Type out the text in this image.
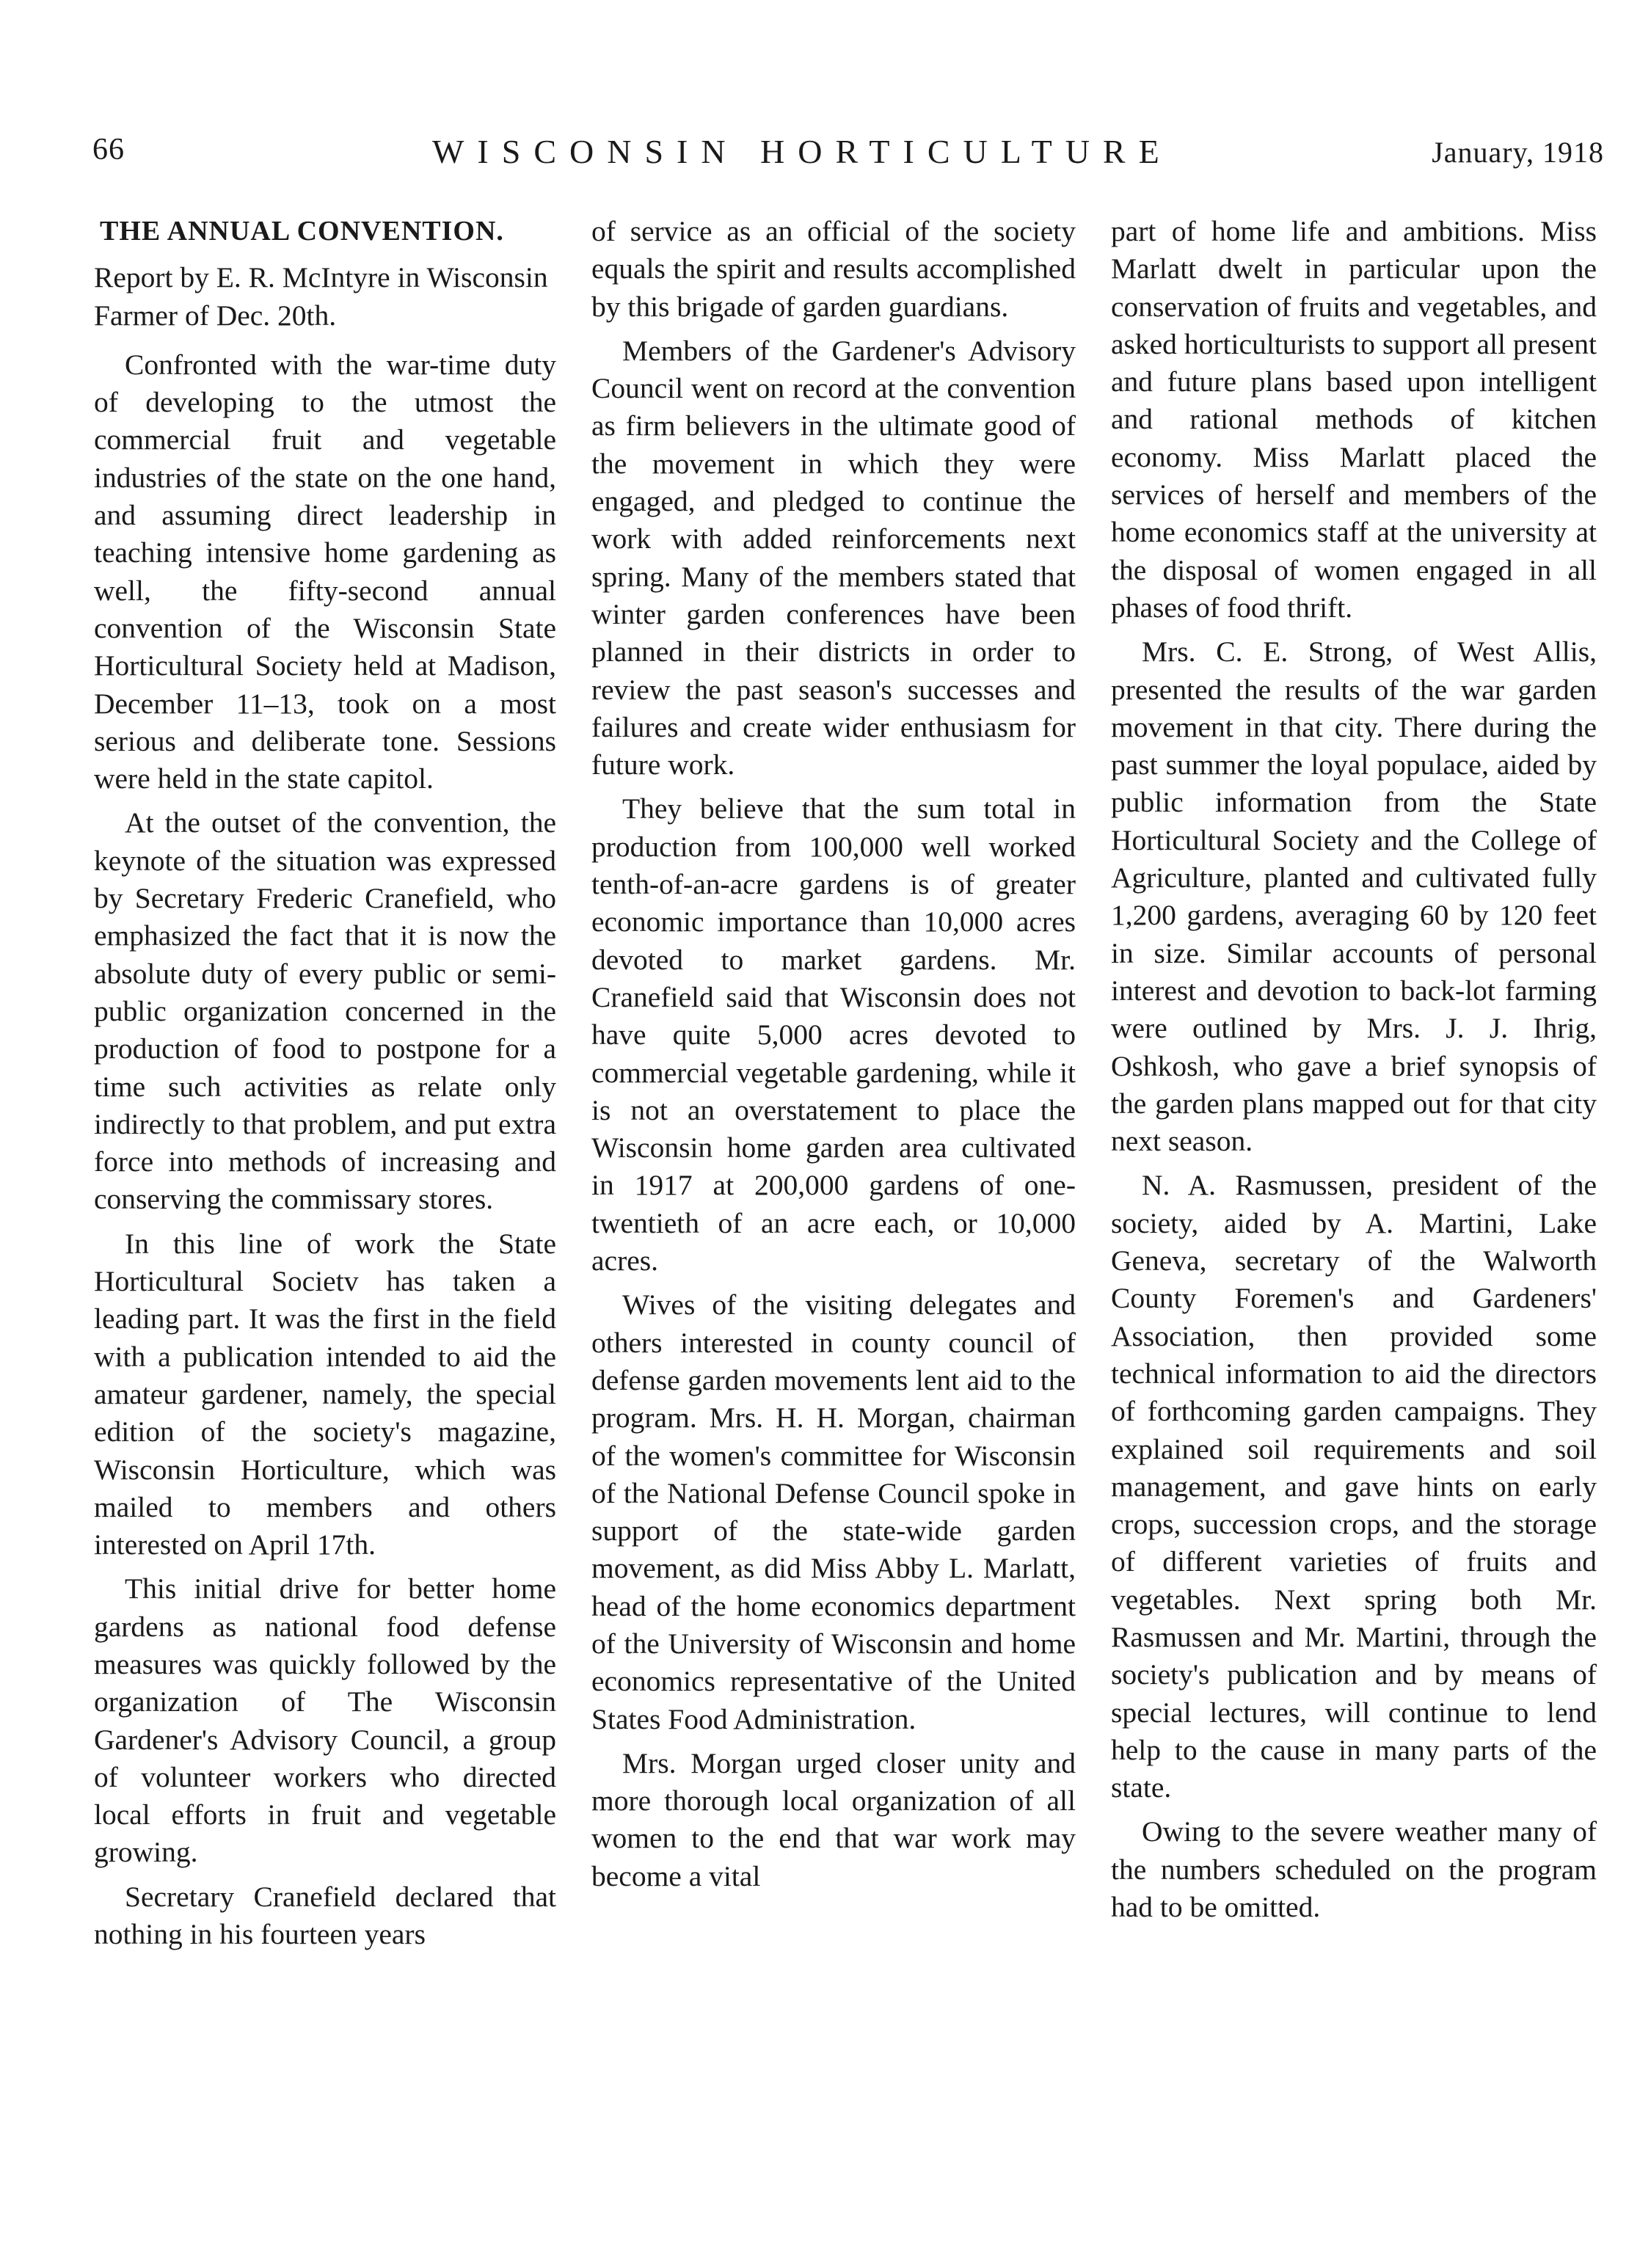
66	WISCONSIN HORTICULTURE	January, 1918
THE ANNUAL CONVENTION.

Report by E. R. McIntyre in Wisconsin Farmer of Dec. 20th.

Confronted with the war-time duty of developing to the utmost the commercial fruit and vegetable industries of the state on the one hand, and assuming direct leadership in teaching intensive home gardening as well, the fifty-second annual convention of the Wisconsin State Horticultural Society held at Madison, December 11–13, took on a most serious and deliberate tone. Sessions were held in the state capitol.

At the outset of the convention, the keynote of the situation was expressed by Secretary Frederic Cranefield, who emphasized the fact that it is now the absolute duty of every public or semi-public organization concerned in the production of food to postpone for a time such activities as relate only indirectly to that problem, and put extra force into methods of increasing and conserving the commissary stores.

In this line of work the State Horticultural Societv has taken a leading part. It was the first in the field with a publication intended to aid the amateur gardener, namely, the special edition of the society's magazine, Wisconsin Horticulture, which was mailed to members and others interested on April 17th.

This initial drive for better home gardens as national food defense measures was quickly followed by the organization of The Wisconsin Gardener's Advisory Council, a group of volunteer workers who directed local efforts in fruit and vegetable growing.

Secretary Cranefield declared that nothing in his fourteen years

of service as an official of the society equals the spirit and results accomplished by this brigade of garden guardians.

Members of the Gardener's Advisory Council went on record at the convention as firm believers in the ultimate good of the movement in which they were engaged, and pledged to continue the work with added reinforcements next spring. Many of the members stated that winter garden conferences have been planned in their districts in order to review the past season's successes and failures and create wider enthusiasm for future work.

They believe that the sum total in production from 100,000 well worked tenth-of-an-acre gardens is of greater economic importance than 10,000 acres devoted to market gardens. Mr. Cranefield said that Wisconsin does not have quite 5,000 acres devoted to commercial vegetable gardening, while it is not an overstatement to place the Wisconsin home garden area cultivated in 1917 at 200,000 gardens of one-twentieth of an acre each, or 10,000 acres.

Wives of the visiting delegates and others interested in county council of defense garden movements lent aid to the program. Mrs. H. H. Morgan, chairman of the women's committee for Wisconsin of the National Defense Council spoke in support of the state-wide garden movement, as did Miss Abby L. Marlatt, head of the home economics department of the University of Wisconsin and home economics representative of the United States Food Administration.

Mrs. Morgan urged closer unity and more thorough local organization of all women to the end that war work may become a vital

part of home life and ambitions. Miss Marlatt dwelt in particular upon the conservation of fruits and vegetables, and asked horticulturists to support all present and future plans based upon intelligent and rational methods of kitchen economy. Miss Marlatt placed the services of herself and members of the home economics staff at the university at the disposal of women engaged in all phases of food thrift.

Mrs. C. E. Strong, of West Allis, presented the results of the war garden movement in that city. There during the past summer the loyal populace, aided by public information from the State Horticultural Society and the College of Agriculture, planted and cultivated fully 1,200 gardens, averaging 60 by 120 feet in size. Similar accounts of personal interest and devotion to back-lot farming were outlined by Mrs. J. J. Ihrig, Oshkosh, who gave a brief synopsis of the garden plans mapped out for that city next season.

N. A. Rasmussen, president of the society, aided by A. Martini, Lake Geneva, secretary of the Walworth County Foremen's and Gardeners' Association, then provided some technical information to aid the directors of forthcoming garden campaigns. They explained soil requirements and soil management, and gave hints on early crops, succession crops, and the storage of different varieties of fruits and vegetables. Next spring both Mr. Rasmussen and Mr. Martini, through the society's publication and by means of special lectures, will continue to lend help to the cause in many parts of the state.

Owing to the severe weather many of the numbers scheduled on the program had to be omitted.
